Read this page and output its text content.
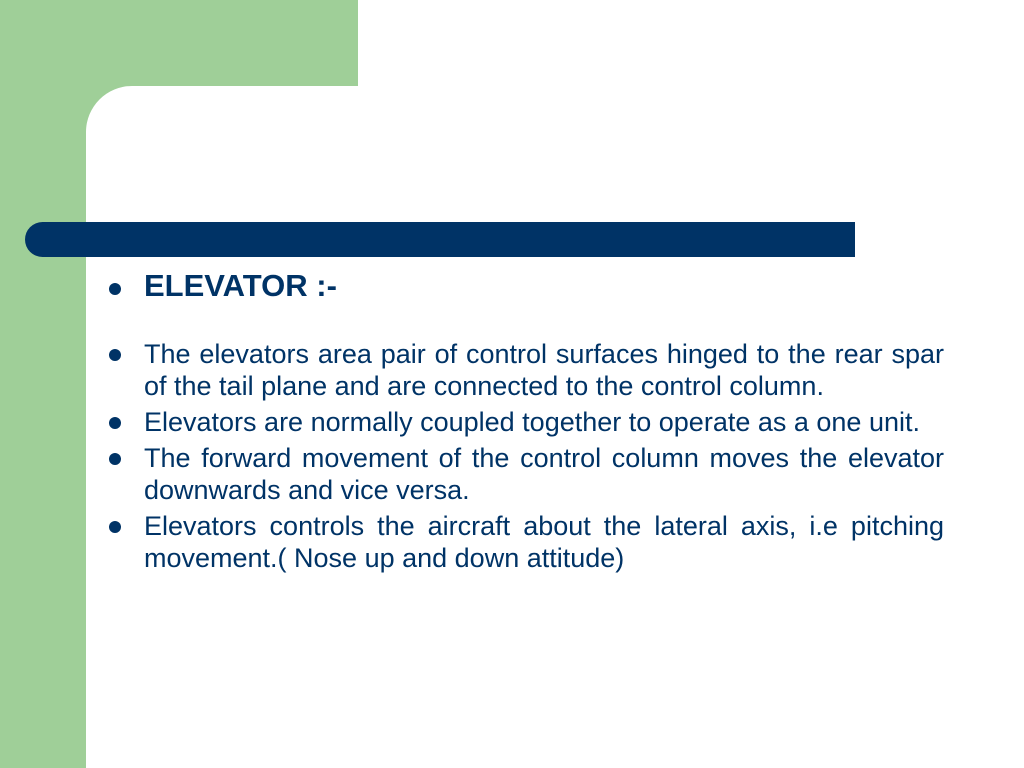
ELEVATOR :-
The elevators area pair of control surfaces hinged to the rear spar of the tail plane and are connected to the control column.
Elevators are normally coupled together to operate as a one unit.
The forward movement of the control column moves the elevator downwards and vice versa.
Elevators controls the aircraft about the lateral axis, i.e pitching movement.( Nose up and down attitude)
